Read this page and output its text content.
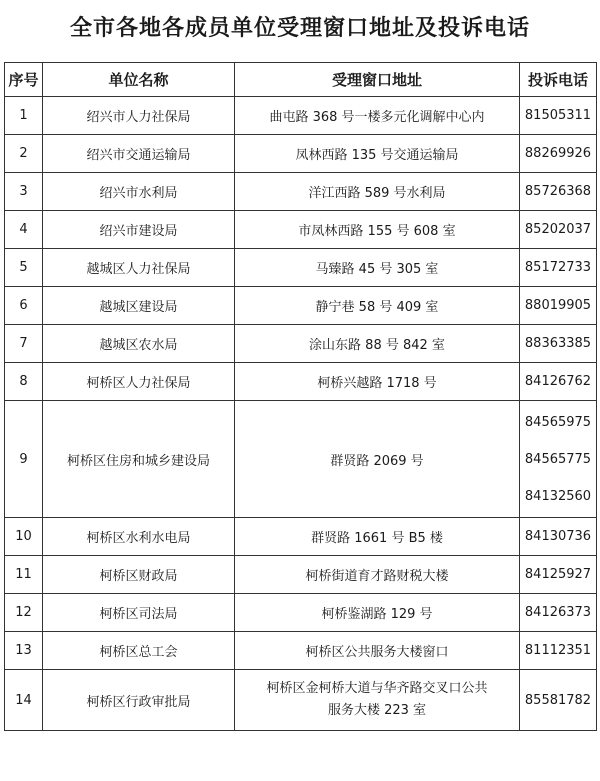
全市各地各成员单位受理窗口地址及投诉电话
序号	单位名称	受理窗口地址	投诉电话
1	绍兴市人力社保局	曲屯路 368 号一楼多元化调解中心内	81505311
2	绍兴市交通运输局	凤林西路 135 号交通运输局	88269926
3	绍兴市水利局	洋江西路 589 号水利局	85726368
4	绍兴市建设局	市凤林西路 155 号 608 室	85202037
5	越城区人力社保局	马臻路 45 号 305 室	85172733
6	越城区建设局	静宁巷 58 号 409 室	88019905
7	越城区农水局	涂山东路 88 号 842 室	88363385
8	柯桥区人力社保局	柯桥兴越路 1718 号	84126762
9	柯桥区住房和城乡建设局	群贤路 2069 号	84565975
84565775
84132560

10	柯桥区水利水电局	群贤路 1661 号 B5 楼	84130736
11	柯桥区财政局	柯桥街道育才路财税大楼	84125927
12	柯桥区司法局	柯桥鉴湖路 129 号	84126373
13	柯桥区总工会	柯桥区公共服务大楼窗口	81112351
14	柯桥区行政审批局	柯桥区金柯桥大道与华齐路交叉口公共
服务大楼 223 室	85581782
